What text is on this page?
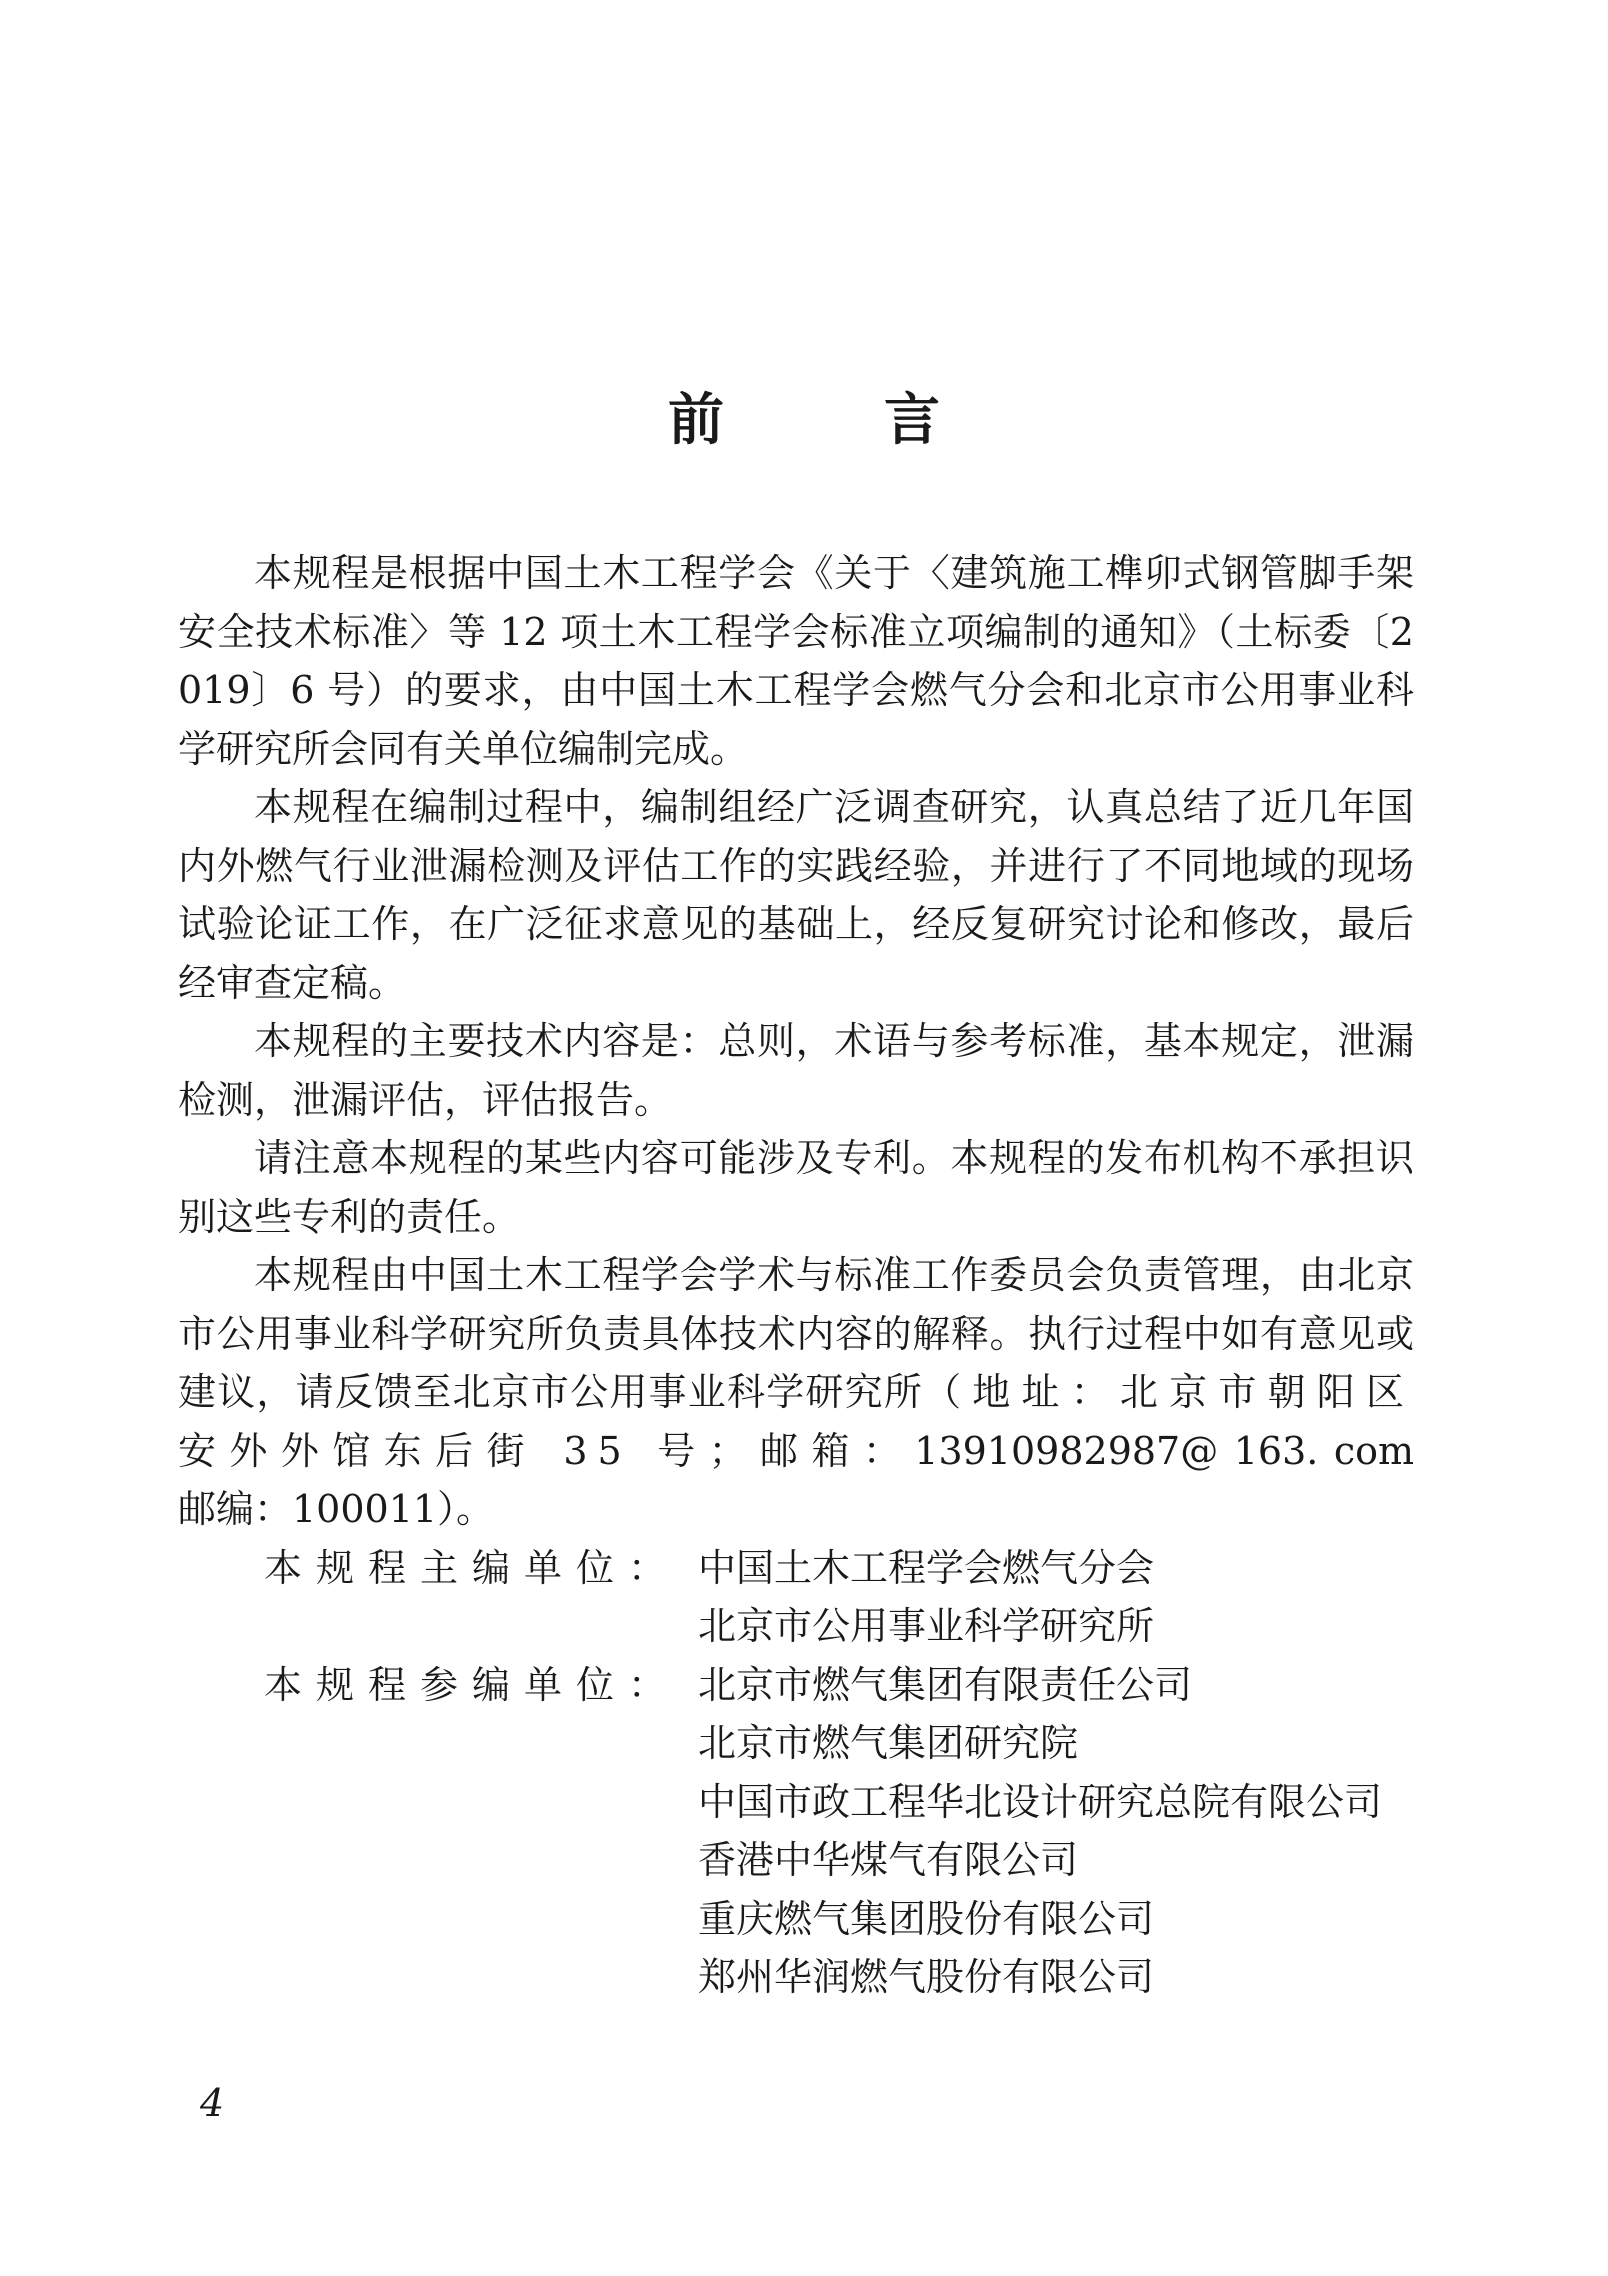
前言

本规程是根据中国土木工程学会《关于〈建筑施工榫卯式钢管脚手架安全技术标准〉等 12 项土木工程学会标准立项编制的通知》（土标委〔2019〕6 号）的要求，由中国土木工程学会燃气分会和北京市公用事业科学研究所会同有关单位编制完成。

本规程在编制过程中，编制组经广泛调查研究，认真总结了近几年国内外燃气行业泄漏检测及评估工作的实践经验，并进行了不同地域的现场试验论证工作，在广泛征求意见的基础上，经反复研究讨论和修改，最后经审查定稿。

本规程的主要技术内容是：总则，术语与参考标准，基本规定，泄漏检测，泄漏评估，评估报告。

请注意本规程的某些内容可能涉及专利。本规程的发布机构不承担识别这些专利的责任。

本规程由中国土木工程学会学术与标准工作委员会负责管理，由北京市公用事业科学研究所负责具体技术内容的解释。执行过程中如有意见或建议，请反馈至北京市公用事业科学研究所（地址：北京市朝阳区安外外馆东后街 35 号；邮箱：13910982987@ 163. com　邮编：100011）。

本规程主编单位： 中国土木工程学会燃气分会
北京市公用事业科学研究所
本规程参编单位： 北京市燃气集团有限责任公司
北京市燃气集团研究院
中国市政工程华北设计研究总院有限公司
香港中华煤气有限公司
重庆燃气集团股份有限公司
郑州华润燃气股份有限公司
4
